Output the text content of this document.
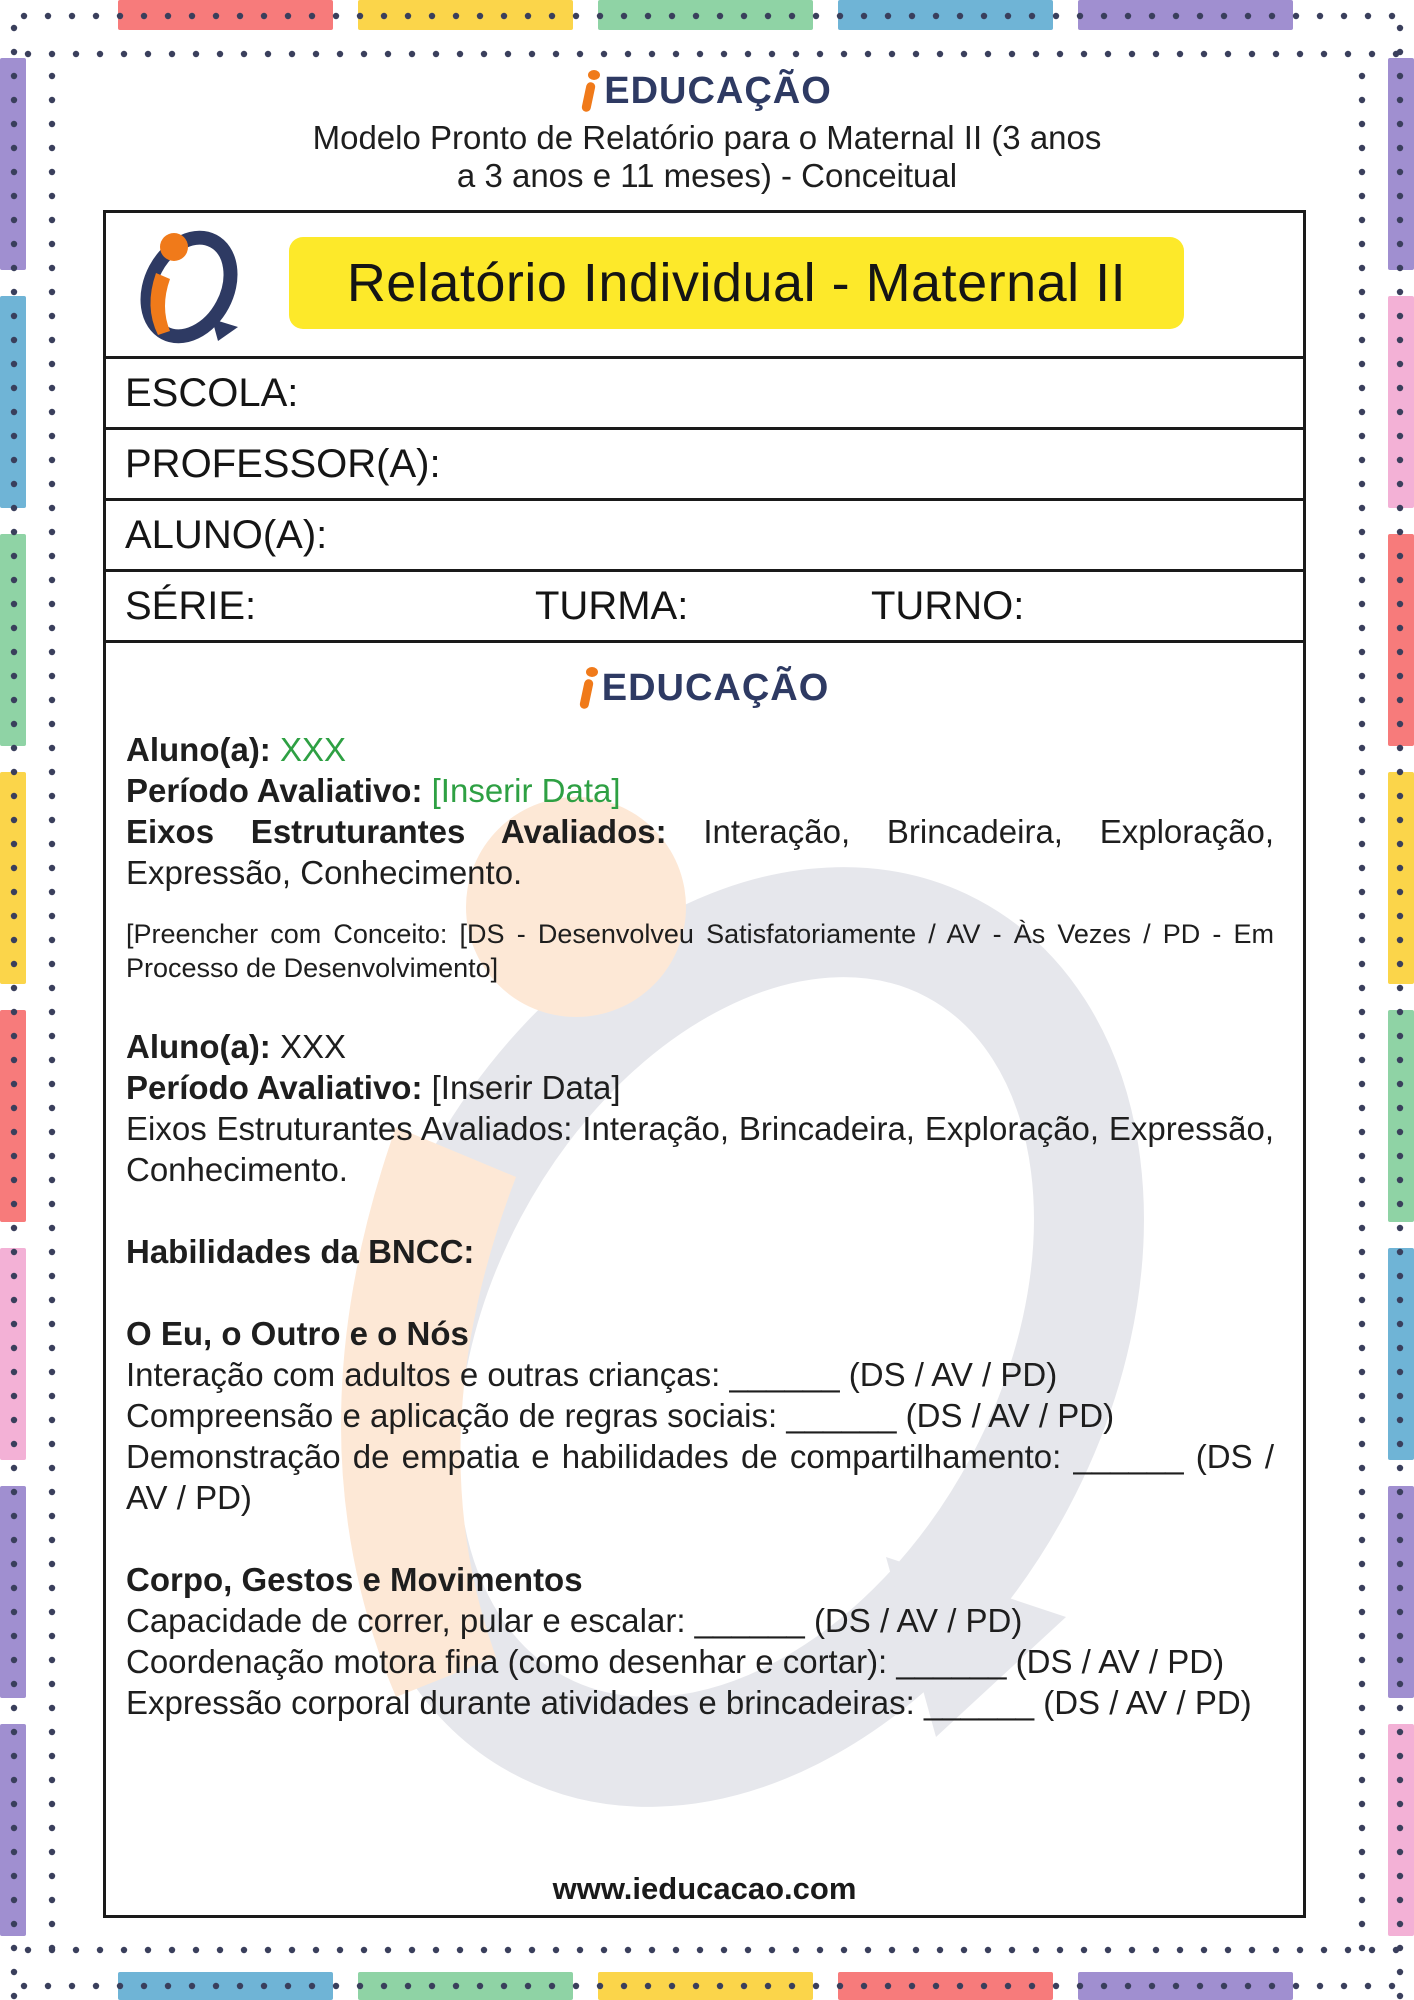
EDUCAÇÃO
Modelo Pronto de Relatório para o Maternal II (3 anos
a 3 anos e 11 meses) - Conceitual
Relatório Individual - Maternal II
ESCOLA:
PROFESSOR(A):
ALUNO(A):
SÉRIE:	TURMA:	TURNO:
EDUCAÇÃO

Aluno(a): XXX

Período Avaliativo: [Inserir Data]

Eixos Estruturantes Avaliados: Interação, Brincadeira, Exploração, Expressão, Conhecimento.

[Preencher com Conceito: [DS - Desenvolveu Satisfatoriamente / AV - Às Vezes / PD - Em Processo de Desenvolvimento]

Aluno(a): XXX

Período Avaliativo: [Inserir Data]

Eixos Estruturantes Avaliados: Interação, Brincadeira, Exploração, Expressão, Conhecimento.

Habilidades da BNCC:

O Eu, o Outro e o Nós

Interação com adultos e outras crianças: ______ (DS / AV / PD)

Compreensão e aplicação de regras sociais: ______ (DS / AV / PD)

Demonstração de empatia e habilidades de compartilhamento: ______ (DS / AV / PD)

Corpo, Gestos e Movimentos

Capacidade de correr, pular e escalar: ______ (DS / AV / PD)

Coordenação motora fina (como desenhar e cortar): ______ (DS / AV / PD)

Expressão corporal durante atividades e brincadeiras: ______ (DS / AV / PD)

www.ieducacao.com
